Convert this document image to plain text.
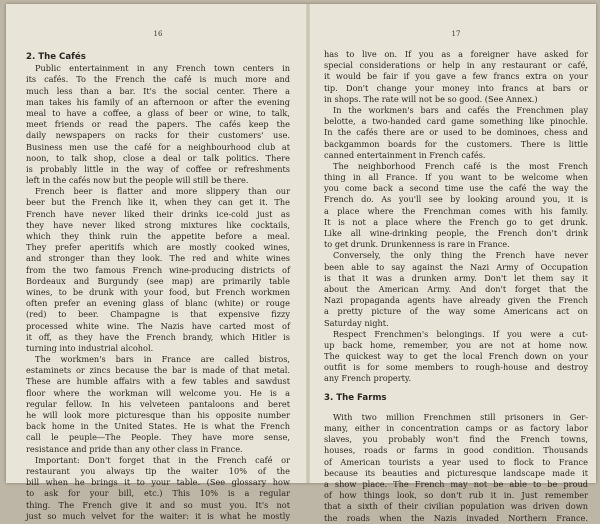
16
2. The Cafés
Public entertainment in any French town centers in
its cafés. To the French the café is much more and
much less than a bar. It's the social center. There a
man takes his family of an afternoon or after the evening
meal to have a coffee, a glass of beer or wine, to talk,
meet friends or read the papers. The cafés keep the
daily newspapers on racks for their customers' use.
Business men use the café for a neighbourhood club at
noon, to talk shop, close a deal or talk politics. There
is probably little in the way of coffee or refreshments
left in the cafés now but the people will still be there.
French beer is flatter and more slippery than our
beer but the French like it, when they can get it. The
French have never liked their drinks ice-cold just as
they have never liked strong mixtures like cocktails,
which they think ruin the appetite before a meal.
They prefer aperitifs which are mostly cooked wines,
and stronger than they look. The red and white wines
from the two famous French wine-producing districts of
Bordeaux and Burgundy (see map) are primarily table
wines, to be drunk with your food, but French workmen
often prefer an evening glass of blanc (white) or rouge
(red) to beer. Champagne is that expensive fizzy
processed white wine. The Nazis have carted most of
it off, as they have the French brandy, which Hitler is
turning into industrial alcohol.
The workmen's bars in France are called bistros,
estaminets or zincs because the bar is made of that metal.
These are humble affairs with a few tables and sawdust
floor where the workman will welcome you. He is a
regular fellow. In his velveteen pantaloons and beret
he will look more picturesque than his opposite number
back home in the United States. He is what the French
call le peuple—The People. They have more sense,
resistance and pride than any other class in France.
Important: Don't forget that in the French café or
restaurant you always tip the waiter 10% of the
bill when he brings it to your table. (See glossary how
to ask for your bill, etc.) This 10% is a regular
thing. The French give it and so must you. It's not
just so much velvet for the waiter: it is what he mostly
17
has to live on. If you as a foreigner have asked for
special considerations or help in any restaurant or café,
it would be fair if you gave a few francs extra on your
tip. Don't change your money into francs at bars or
in shops. The rate will not be so good. (See Annex.)
In the workmen's bars and cafés the Frenchmen play
belotte, a two-handed card game something like pinochle.
In the cafés there are or used to be dominoes, chess and
backgammon boards for the customers. There is little
canned entertainment in French cafés.
The neighborhood French café is the most French
thing in all France. If you want to be welcome when
you come back a second time use the café the way the
French do. As you'll see by looking around you, it is
a place where the Frenchman comes with his family.
It is not a place where the French go to get drunk.
Like all wine-drinking people, the French don't drink
to get drunk. Drunkenness is rare in France.
Conversely, the only thing the French have never
been able to say against the Nazi Army of Occupation
is that it was a drunken army. Don't let them say it
about the American Army. And don't forget that the
Nazi propaganda agents have already given the French
a pretty picture of the way some Americans act on
Saturday night.
Respect Frenchmen's belongings. If you were a cut-
up back home, remember, you are not at home now.
The quickest way to get the local French down on your
outfit is for some members to rough-house and destroy
any French property.
3. The Farms
With two million Frenchmen still prisoners in Ger-
many, either in concentration camps or as factory labor
slaves, you probably won't find the French towns,
houses, roads or farms in good condition. Thousands
of American tourists a year used to flock to France
because its beauties and picturesque landscape made it
a show place. The French may not be able to be proud
of how things look, so don't rub it in. Just remember
that a sixth of their civilian population was driven down
the roads when the Nazis invaded Northern France.
